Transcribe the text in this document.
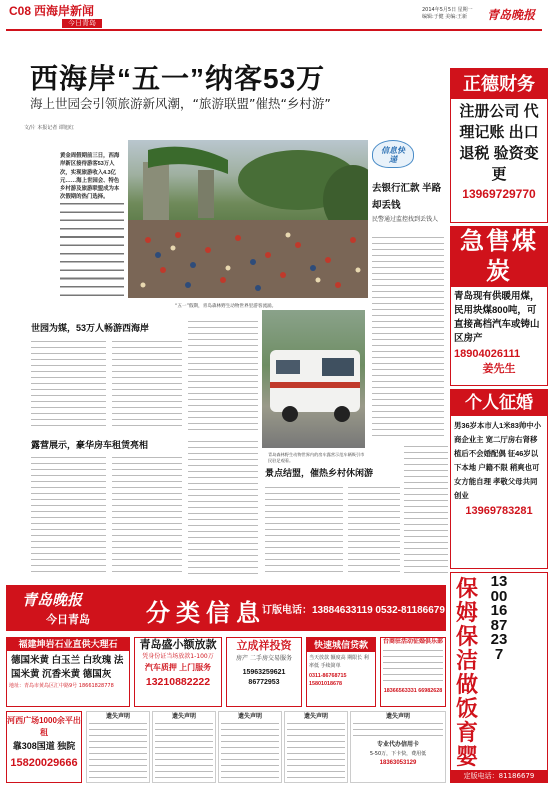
C08 西海岸新闻
今日青岛
2014年5月5日 星期一
编辑:于健 美编:王新 青岛晚报
西海岸“五一”纳客53万
海上世园会引领旅游新风潮，“旅游联盟”催热“乡村游”
文/片 本报记者 谭旭红
黄金周假期前三日，西海岸新区接待游客53万人次，实现旅游收入4.3亿元……海上世园会、特色乡村游及旅游联盟成为本次假期的热门选择。
“五一”假期，青岛森林野生动物世界里游客流涌。
信息快递
去银行汇款 半路却丢钱
民警通过监控找到丢钱人
世园为媒，53万人畅游西海岸
青岛森林野生动物世界内的房车露营示范车辆吸引市民驻足观看。
露营展示，豪华房车租赁亮相
景点结盟，催热乡村休闲游
正德财务
注册公司 代理记账 出口退税 验资变更
13969729770
急售煤炭
青岛现有供暖用煤，民用块煤800吨，可直接高档汽车或铸山区房产
18904026111
姜先生
个人征婚
男36岁本市人1米83帅中小商企业主 宽二厅房右肾移植后不会婚配偶 征46岁以下本地 户籍不限 稍爽也可女方能自理 孝敬父母共同创业
13969783281
保姆保洁做饭育婴
13001687237
定版电话：81186679
青岛晚报
今日青岛 分类信息
订版电话：13884633119 0532-81186679
福建坤岩石业直供大理石
德国米黄 白玉兰 白玫瑰 法国米黄 沉香米黄 德国灰
地址：青岛市黄岛区汇中路9号 18661828778
青岛盛小额放款
凭身份证当场放款1-100万
汽车质押 上门服务
13210882222
立成祥投资
房产 二手房交易服务
15963259621 86772953
快速城信贷款
当天放款 额度高 期限长 利率低 手续简单
0311-86768715 15801018678
台商驻活动征婚俱乐部
18366563331 66982628
河西广场1000余平出租
靠308国道 独院
15820029666
遗失声明	遗失声明	遗失声明	遗失声明	遗失声明
专业代办信用卡
5-50万，下卡快，费用低
18363053129
